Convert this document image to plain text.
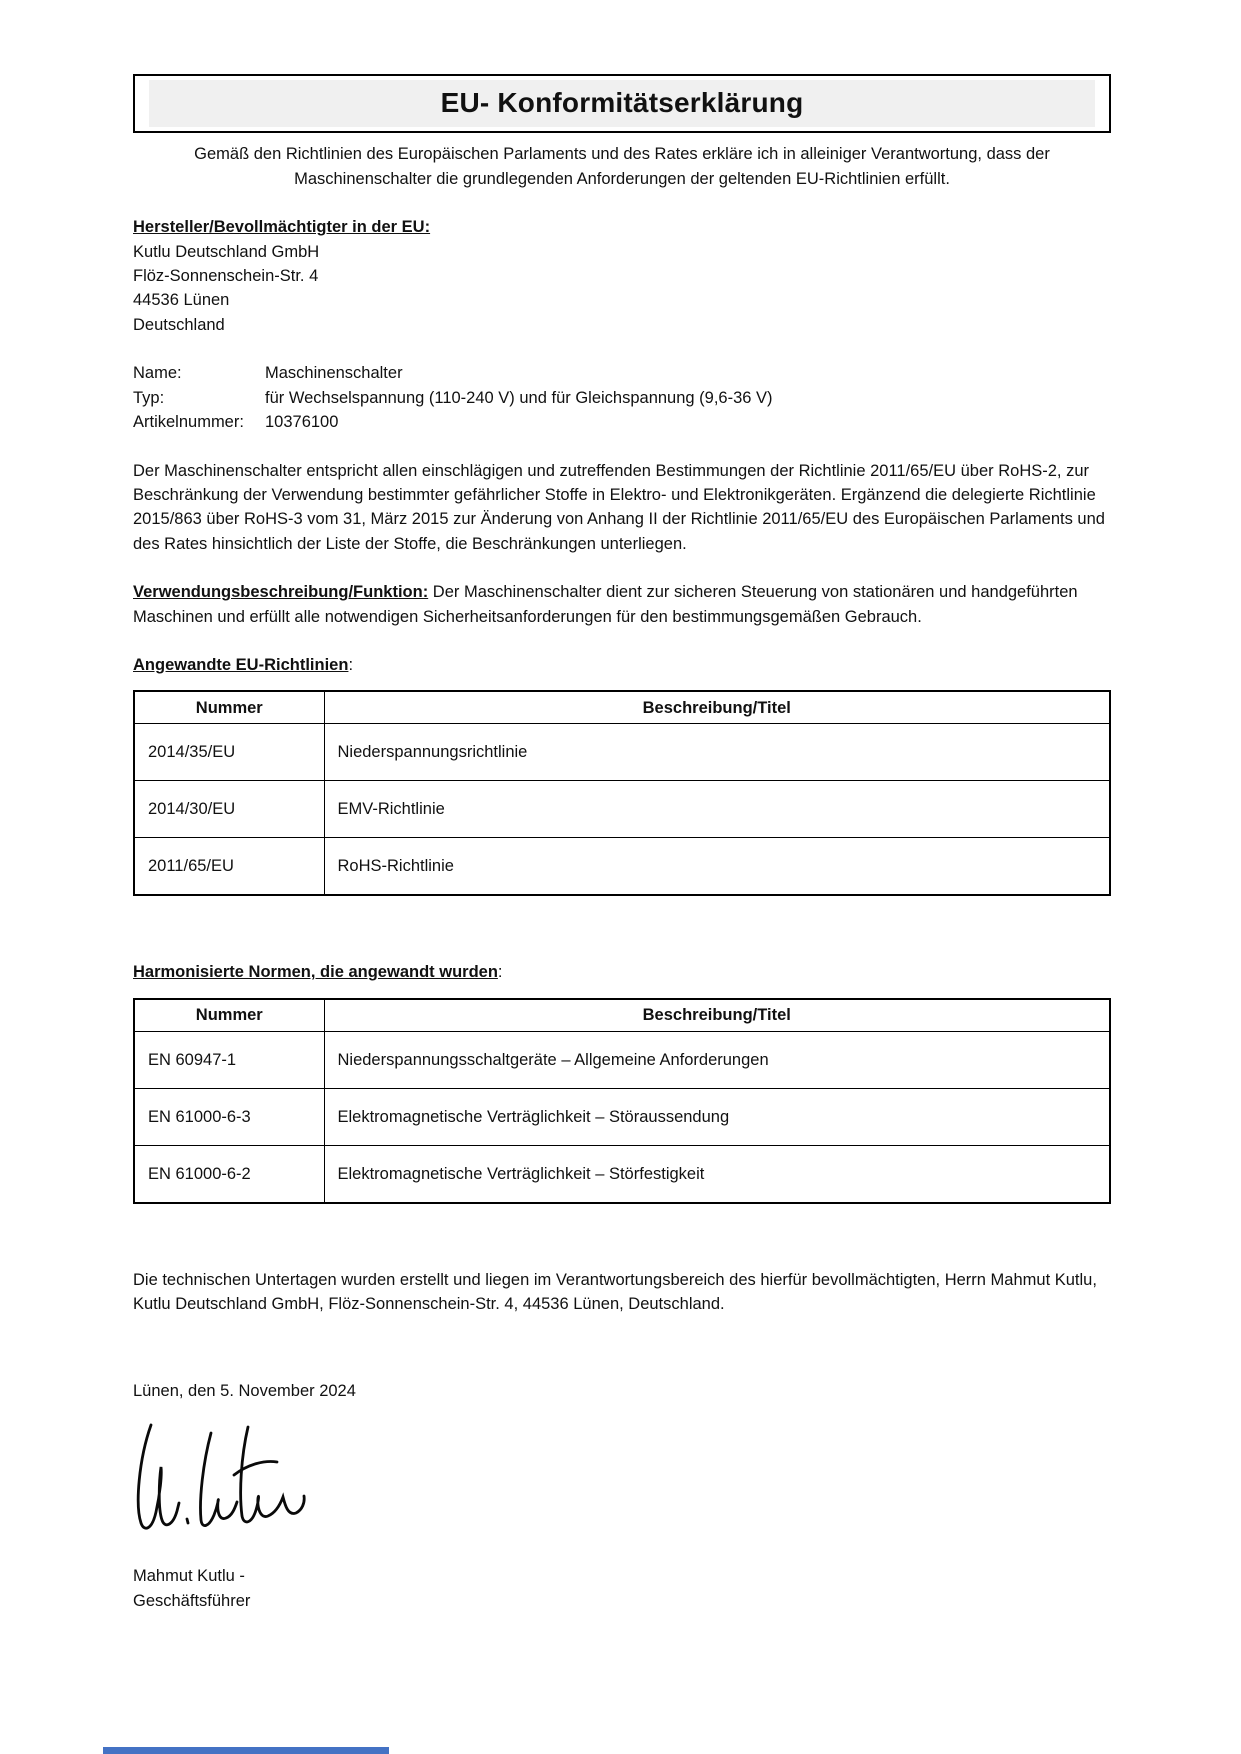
EU- Konformitätserklärung
Gemäß den Richtlinien des Europäischen Parlaments und des Rates erkläre ich in alleiniger Verantwortung, dass der Maschinenschalter die grundlegenden Anforderungen der geltenden EU-Richtlinien erfüllt.
Hersteller/Bevollmächtigter in der EU:
Kutlu Deutschland GmbH
Flöz-Sonnenschein-Str. 4
44536 Lünen
Deutschland
Name:	Maschinenschalter
Typ:	für Wechselspannung (110-240 V) und für Gleichspannung (9,6-36 V)
Artikelnummer:	10376100
Der Maschinenschalter entspricht allen einschlägigen und zutreffenden Bestimmungen der Richtlinie 2011/65/EU über RoHS-2, zur Beschränkung der Verwendung bestimmter gefährlicher Stoffe in Elektro- und Elektronikgeräten. Ergänzend die delegierte Richtlinie 2015/863 über RoHS-3 vom 31, März 2015 zur Änderung von Anhang II der Richtlinie 2011/65/EU des Europäischen Parlaments und des Rates hinsichtlich der Liste der Stoffe, die Beschränkungen unterliegen.
Verwendungsbeschreibung/Funktion: Der Maschinenschalter dient zur sicheren Steuerung von stationären und handgeführten Maschinen und erfüllt alle notwendigen Sicherheitsanforderungen für den bestimmungsgemäßen Gebrauch.
Angewandte EU-Richtlinien:
Nummer	Beschreibung/Titel
2014/35/EU	Niederspannungsrichtlinie
2014/30/EU	EMV-Richtlinie
2011/65/EU	RoHS-Richtlinie
Harmonisierte Normen, die angewandt wurden:
Nummer	Beschreibung/Titel
EN 60947-1	Niederspannungsschaltgeräte – Allgemeine Anforderungen
EN 61000-6-3	Elektromagnetische Verträglichkeit – Störaussendung
EN 61000-6-2	Elektromagnetische Verträglichkeit – Störfestigkeit
Die technischen Untertagen wurden erstellt und liegen im Verantwortungsbereich des hierfür bevollmächtigten, Herrn Mahmut Kutlu, Kutlu Deutschland GmbH, Flöz-Sonnenschein-Str. 4, 44536 Lünen, Deutschland.
Lünen, den 5. November 2024
Mahmut Kutlu - Geschäftsführer
